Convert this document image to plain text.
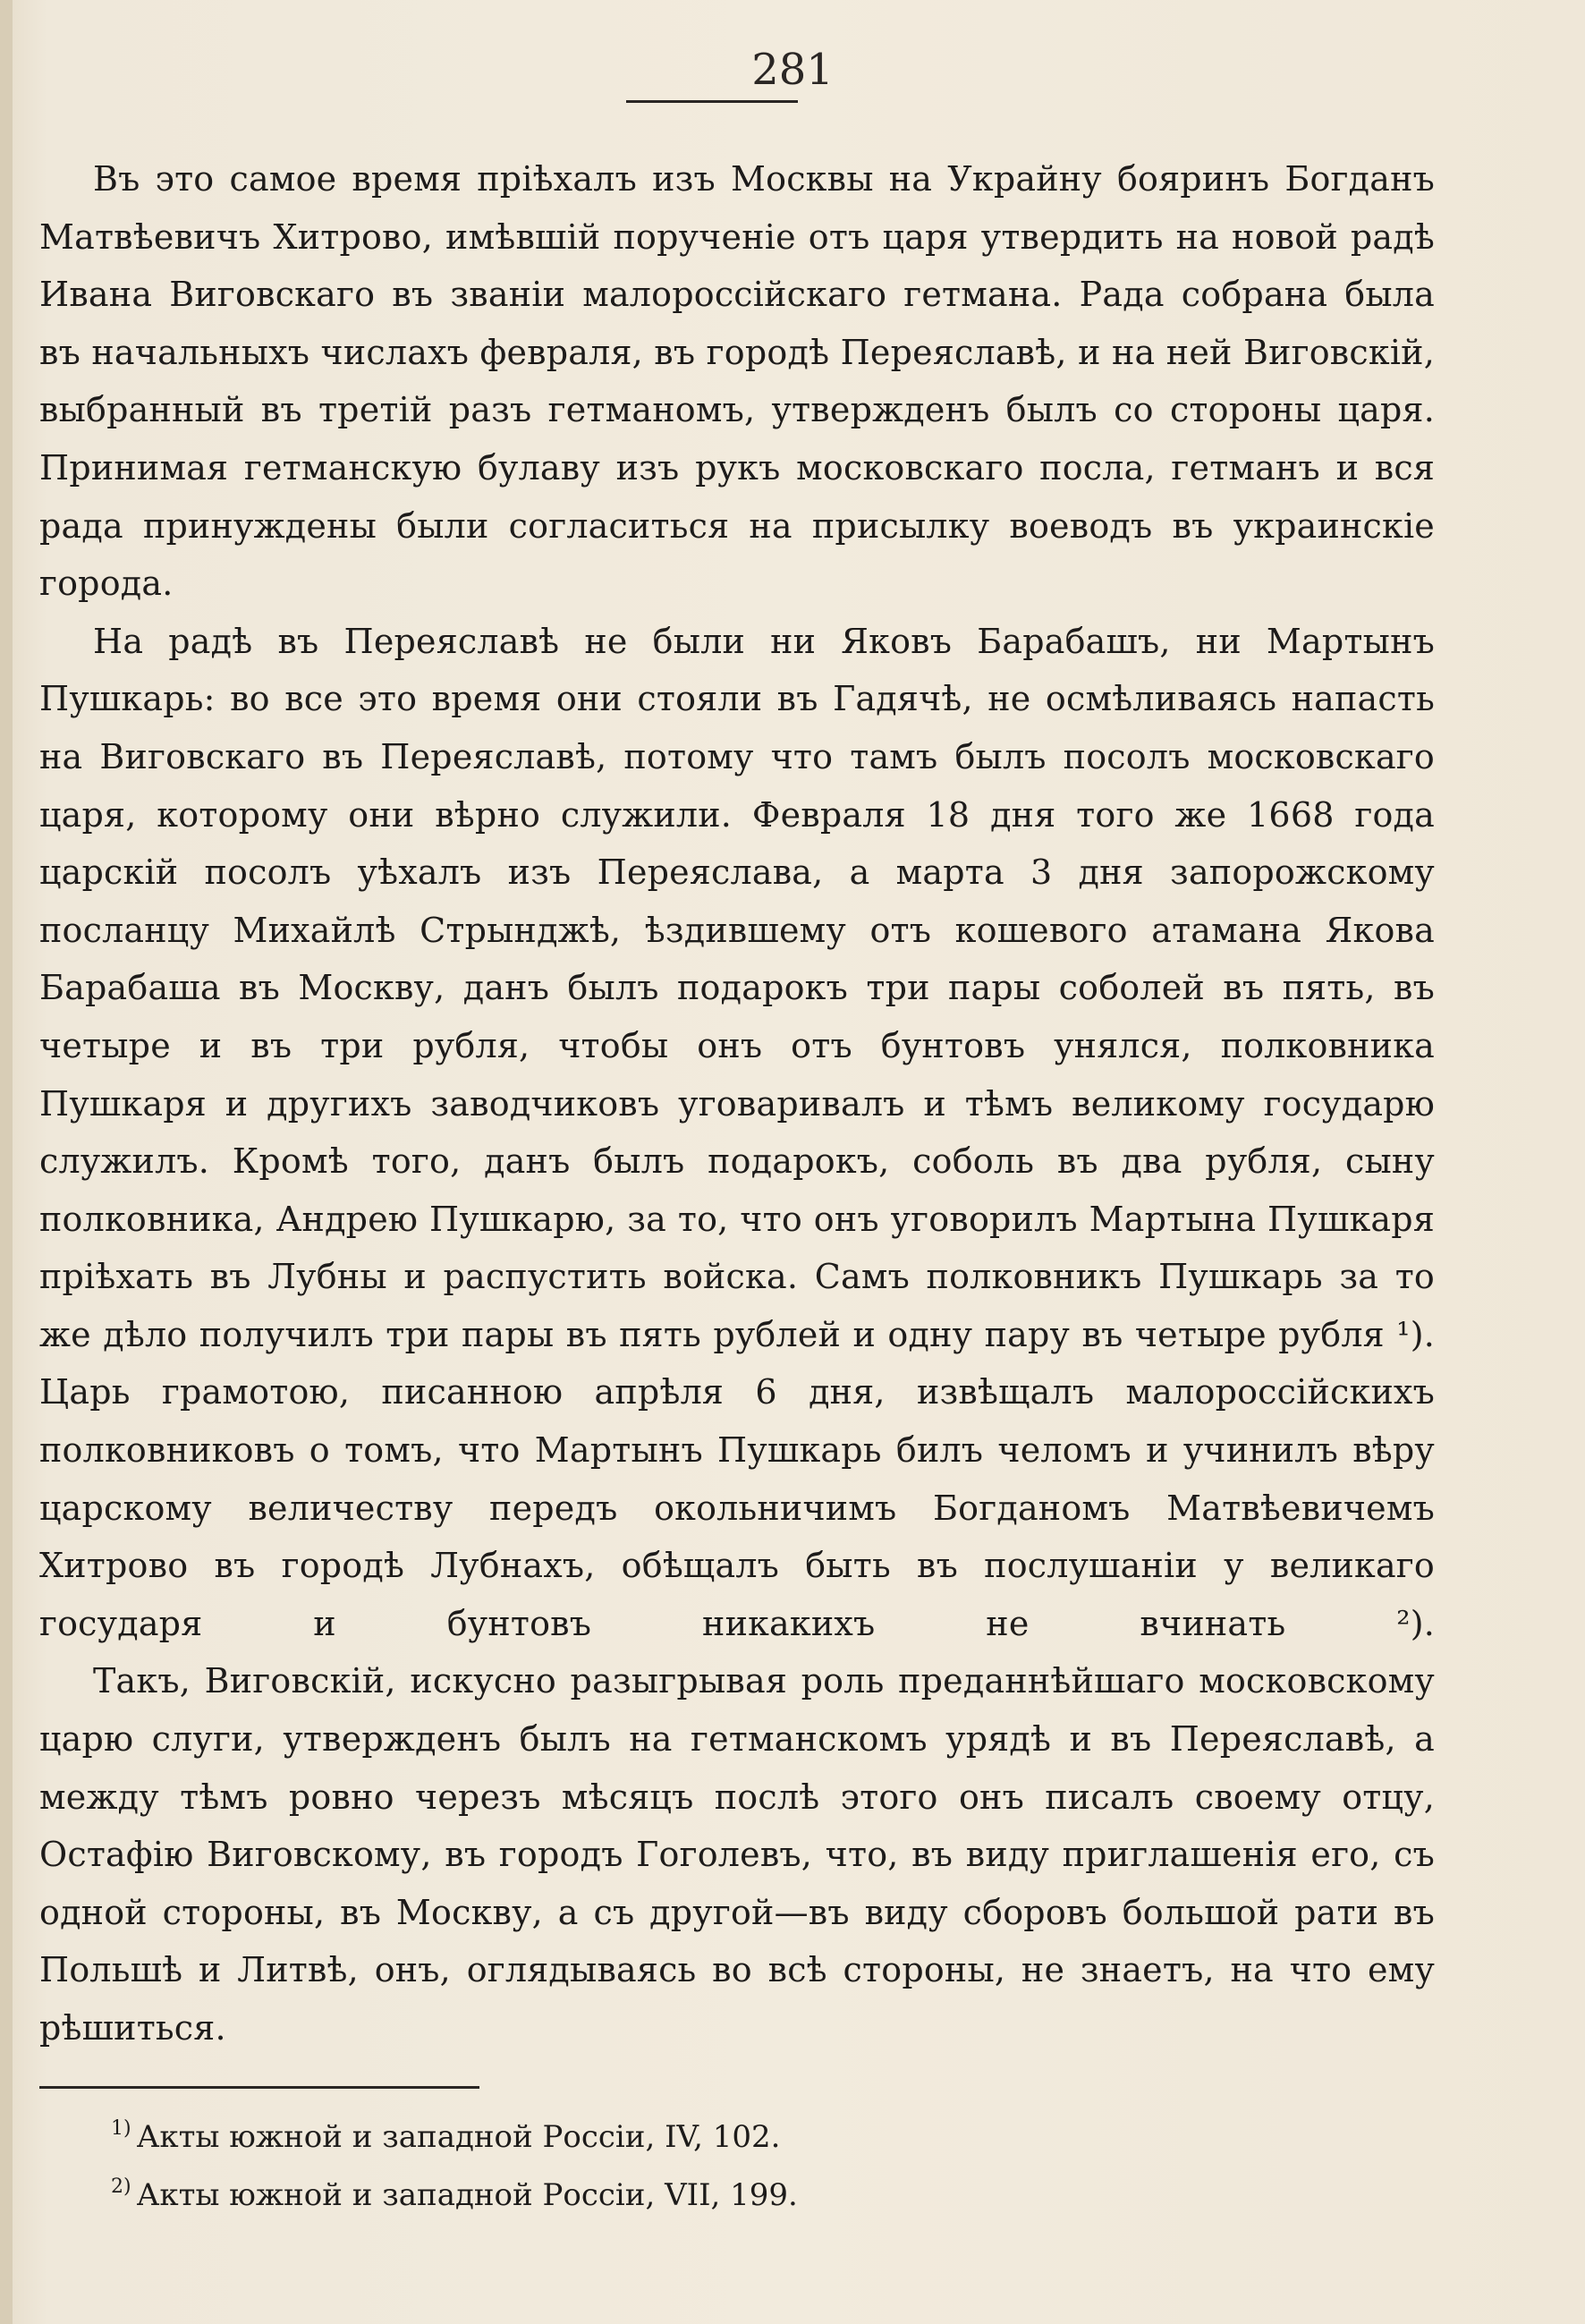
281

Въ это самое время пріѣхалъ изъ Москвы на Украйну бояринъ Богданъ Матвѣевичъ Хитрово, имѣвшій порученіе отъ царя утвердить на новой радѣ Ивана Виговскаго въ званіи малороссійскаго гетмана. Рада собрана была въ начальныхъ числахъ февраля, въ городѣ Переяславѣ, и на ней Виговскій, выбранный въ третій разъ гетманомъ, утвержденъ былъ со стороны царя. Принимая гетманскую булаву изъ рукъ московскаго посла, гетманъ и вся рада принуждены были согласиться на присылку воеводъ въ украинскіе города.

На радѣ въ Переяславѣ не были ни Яковъ Барабашъ, ни Мартынъ Пушкарь: во все это время они стояли въ Гадячѣ, не осмѣливаясь напасть на Виговскаго въ Переяславѣ, потому что тамъ былъ посолъ московскаго царя, которому они вѣрно служили. Февраля 18 дня того же 1668 года царскій посолъ уѣхалъ изъ Переяслава, а марта 3 дня запорожскому посланцу Михайлѣ Стрынджѣ, ѣздившему отъ кошевого атамана Якова Барабаша въ Москву, данъ былъ подарокъ три пары соболей въ пять, въ четыре и въ три рубля, чтобы онъ отъ бунтовъ унялся, полковника Пушкаря и другихъ заводчиковъ уговаривалъ и тѣмъ великому государю служилъ. Кромѣ того, данъ былъ подарокъ, соболь въ два рубля, сыну полковника, Андрею Пушкарю, за то, что онъ уговорилъ Мартына Пушкаря пріѣхать въ Лубны и распустить войска. Самъ полковникъ Пушкарь за то же дѣло получилъ три пары въ пять рублей и одну пару въ четыре рубля ¹). Царь грамотою, писанною апрѣля 6 дня, извѣщалъ малороссійскихъ полковниковъ о томъ, что Мартынъ Пушкарь билъ челомъ и учинилъ вѣру царскому величеству передъ окольничимъ Богданомъ Матвѣевичемъ Хитрово въ городѣ Лубнахъ, обѣщалъ быть въ послушаніи у великаго государя и бунтовъ никакихъ не вчинать ²).

Такъ, Виговскій, искусно разыгрывая роль преданнѣйшаго московскому царю слуги, утвержденъ былъ на гетманскомъ урядѣ и въ Переяславѣ, а между тѣмъ ровно черезъ мѣсяцъ послѣ этого онъ писалъ своему отцу, Остафію Виговскому, въ городъ Гоголевъ, что, въ виду приглашенія его, съ одной стороны, въ Москву, а съ другой—въ виду сборовъ большой рати въ Польшѣ и Литвѣ, онъ, оглядываясь во всѣ стороны, не знаетъ, на что ему рѣшиться.

$^{1)}$ Акты южной и западной Россіи, IV, 102.

$^{2)}$ Акты южной и западной Россіи, VII, 199.
